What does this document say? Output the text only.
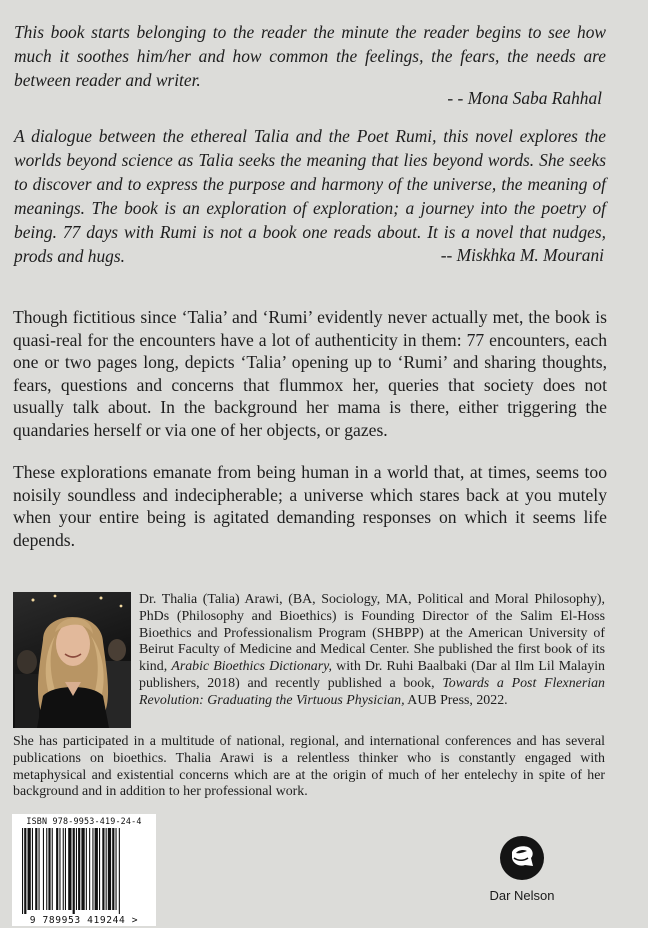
This book starts belonging to the reader the minute the reader begins to see how much it soothes him/her and how common the feelings, the fears, the needs are between reader and writer.
- - Mona Saba Rahhal
A dialogue between the ethereal Talia and the Poet Rumi, this novel explores the worlds beyond science as Talia seeks the meaning that lies beyond words. She seeks to discover and to express the purpose and harmony of the universe, the meaning of meanings. The book is an exploration of exploration; a journey into the poetry of being. 77 days with Rumi is not a book one reads about. It is a novel that nudges, prods and hugs.	-- Miskhka M. Mourani
Though fictitious since ‘Talia’ and ‘Rumi’ evidently never actually met, the book is quasi-real for the encounters have a lot of authenticity in them: 77 encounters, each one or two pages long, depicts ‘Talia’ opening up to ‘Rumi’ and sharing thoughts, fears, questions and concerns that flummox her, queries that society does not usually talk about. In the background her mama is there, either triggering the quandaries herself or via one of her objects, or gazes.
These explorations emanate from being human in a world that, at times, seems too noisily soundless and indecipherable; a universe which stares back at you mutely when your entire being is agitated demanding responses on which it seems life depends.
Dr. Thalia (Talia) Arawi, (BA, Sociology, MA, Political and Moral Philosophy), PhDs (Philosophy and Bioethics) is Founding Director of the Salim El-Hoss Bioethics and Professionalism Program (SHBPP) at the American University of Beirut Faculty of Medicine and Medical Center. She published the first book of its kind, Arabic Bioethics Dictionary, with Dr. Ruhi Baalbaki (Dar al Ilm Lil Malayin publishers, 2018) and recently published a book, Towards a Post Flexnerian Revolution: Graduating the Virtuous Physician, AUB Press, 2022.
She has participated in a multitude of national, regional, and international conferences and has several publications on bioethics. Thalia Arawi is a relentless thinker who is constantly engaged with metaphysical and existential concerns which are at the origin of much of her entelechy in spite of her background and in addition to her professional work.
ISBN 978-9953-419-24-4
9 789953 419244 >
Dar Nelson
